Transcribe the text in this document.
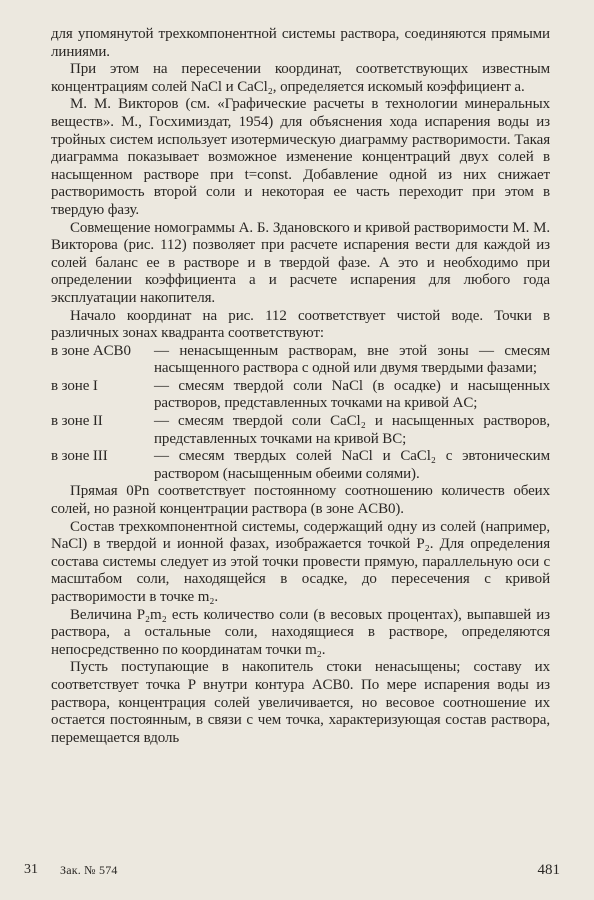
для упомянутой трехкомпонентной системы раствора, соединяются прямыми линиями.

При этом на пересечении координат, соответствующих известным концентрациям солей NaCl и CaCl₂, определяется искомый коэффициент a.

М. М. Викторов (см. «Графические расчеты в технологии минеральных веществ». М., Госхимиздат, 1954) для объяснения хода испарения воды из тройных систем использует изотермическую диаграмму растворимости. Такая диаграмма показывает возможное изменение концентраций двух солей в насыщенном растворе при t=const. Добавление одной из них снижает растворимость второй соли и некоторая ее часть переходит при этом в твердую фазу.

Совмещение номограммы А. Б. Здановского и кривой растворимости М. М. Викторова (рис. 112) позволяет при расчете испарения вести для каждой из солей баланс ее в растворе и в твердой фазе. А это и необходимо при определении коэффициента a и расчете испарения для любого года эксплуатации накопителя.

Начало координат на рис. 112 соответствует чистой воде. Точки в различных зонах квадранта соответствуют:

в зоне ACB0	— ненасыщенным растворам, вне этой зоны — смесям насыщенного раствора с одной или двумя твердыми фазами;
в зоне I	— смесям твердой соли NaCl (в осадке) и насыщенных растворов, представленных точками на кривой AC;
в зоне II	— смесям твердой соли CaCl₂ и насыщенных растворов, представленных точками на кривой BC;
в зоне III	— смесям твердых солей NaCl и CaCl₂ с эвтоническим раствором (насыщенным обеими солями).

Прямая 0Pn соответствует постоянному соотношению количеств обеих солей, но разной концентрации раствора (в зоне ACB0).

Состав трехкомпонентной системы, содержащий одну из солей (например, NaCl) в твердой и ионной фазах, изображается точкой P₂. Для определения состава системы следует из этой точки провести прямую, параллельную оси с масштабом соли, находящейся в осадке, до пересечения с кривой растворимости в точке m₂.

Величина P₂m₂ есть количество соли (в весовых процентах), выпавшей из раствора, а остальные соли, находящиеся в растворе, определяются непосредственно по координатам точки m₂.

Пусть поступающие в накопитель стоки ненасыщены; составу их соответствует точка P внутри контура ACB0. По мере испарения воды из раствора, концентрация солей увеличивается, но весовое соотношение их остается постоянным, в связи с чем точка, характеризующая состав раствора, перемещается вдоль

31 Зак. № 574	481
